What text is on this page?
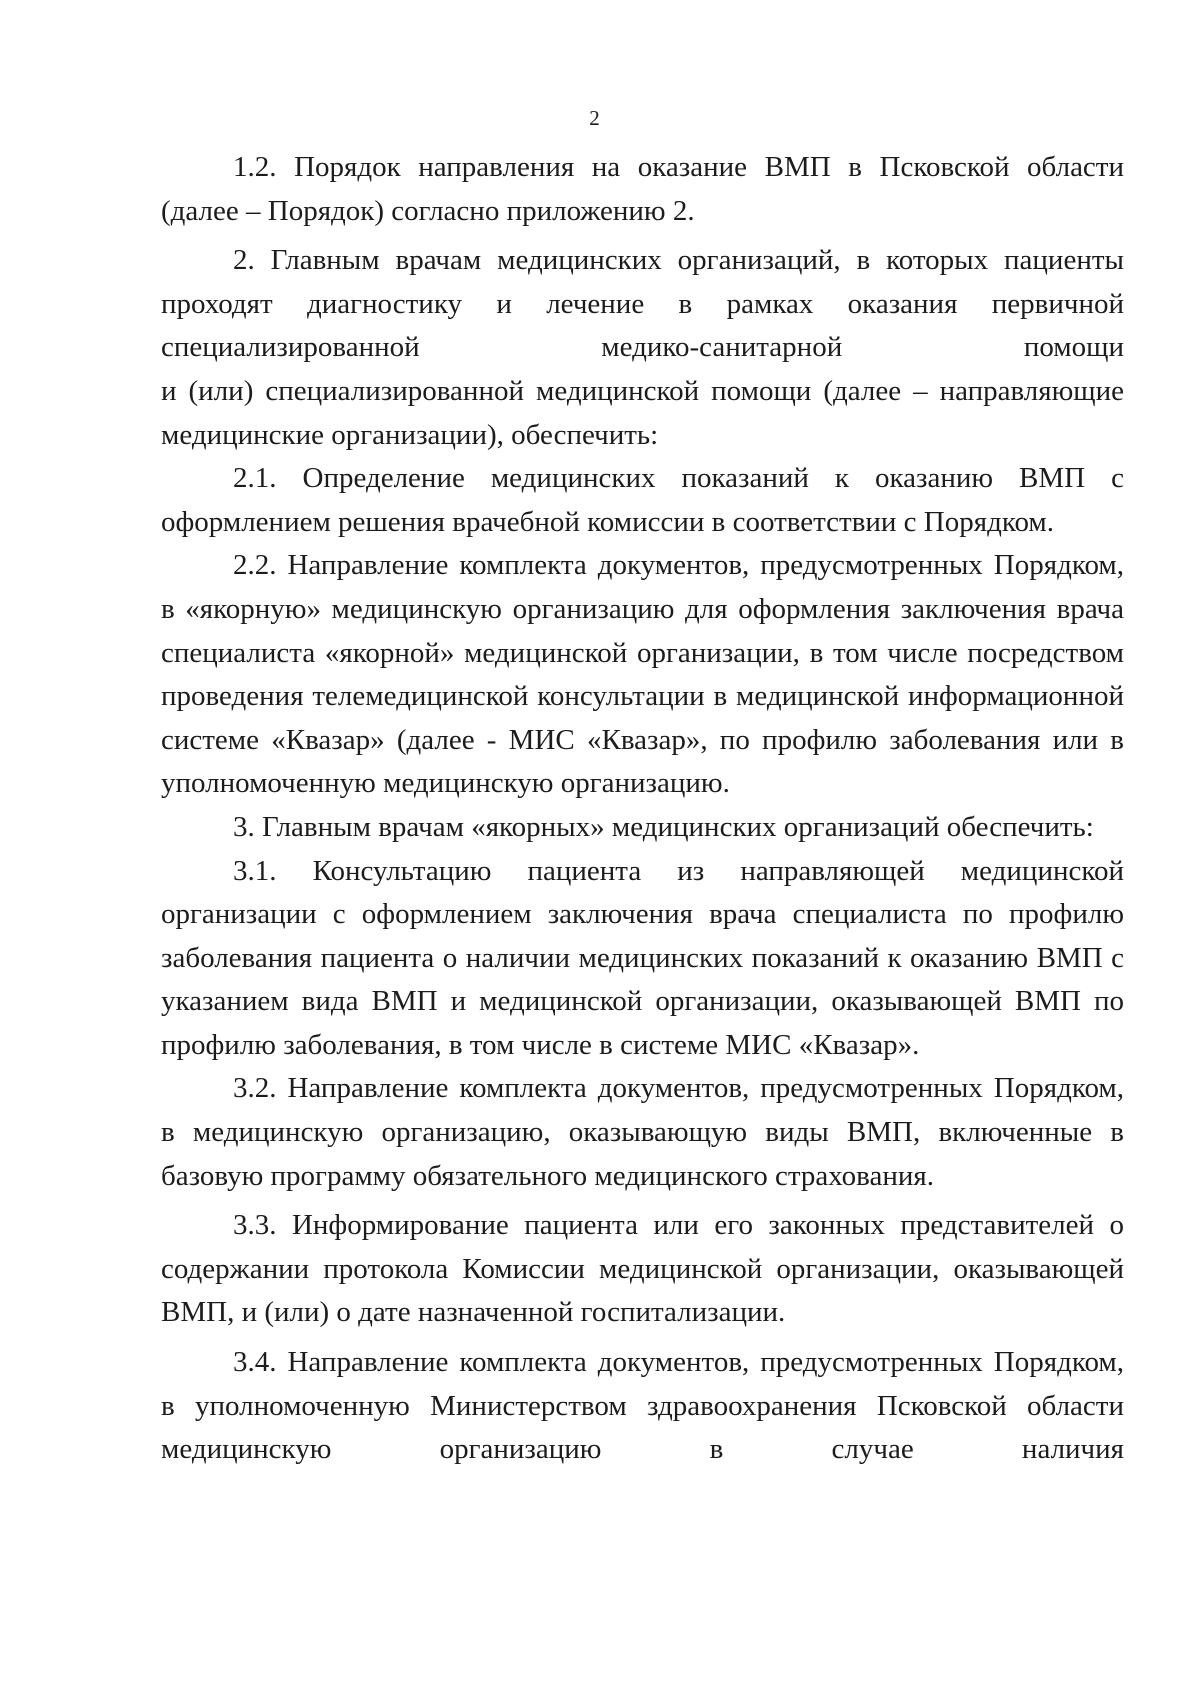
2

1.2. Порядок направления на оказание ВМП в Псковской области (далее – Порядок) согласно приложению 2.

2. Главным врачам медицинских организаций, в которых пациенты проходят диагностику и лечение в рамках оказания первичной специализированной медико-санитарной помощи

и (или) специализированной медицинской помощи (далее – направляющие медицинские организации), обеспечить:

2.1. Определение медицинских показаний к оказанию ВМП с оформлением решения врачебной комиссии в соответствии с Порядком.

2.2. Направление комплекта документов, предусмотренных Порядком, в «якорную» медицинскую организацию для оформления заключения врача специалиста «якорной» медицинской организации, в том числе посредством проведения телемедицинской консультации в медицинской информационной системе «Квазар» (далее - МИС «Квазар», по профилю заболевания или в уполномоченную медицинскую организацию.

3. Главным врачам «якорных» медицинских организаций обеспечить:

3.1. Консультацию пациента из направляющей медицинской организации с оформлением заключения врача специалиста по профилю заболевания пациента о наличии медицинских показаний к оказанию ВМП с указанием вида ВМП и медицинской организации, оказывающей ВМП по профилю заболевания, в том числе в системе МИС «Квазар».

3.2. Направление комплекта документов, предусмотренных Порядком, в медицинскую организацию, оказывающую виды ВМП, включенные в базовую программу обязательного медицинского страхования.

3.3. Информирование пациента или его законных представителей о содержании протокола Комиссии медицинской организации, оказывающей ВМП, и (или) о дате назначенной госпитализации.

3.4. Направление комплекта документов, предусмотренных Порядком, в уполномоченную Министерством здравоохранения Псковской области медицинскую организацию в случае наличия
